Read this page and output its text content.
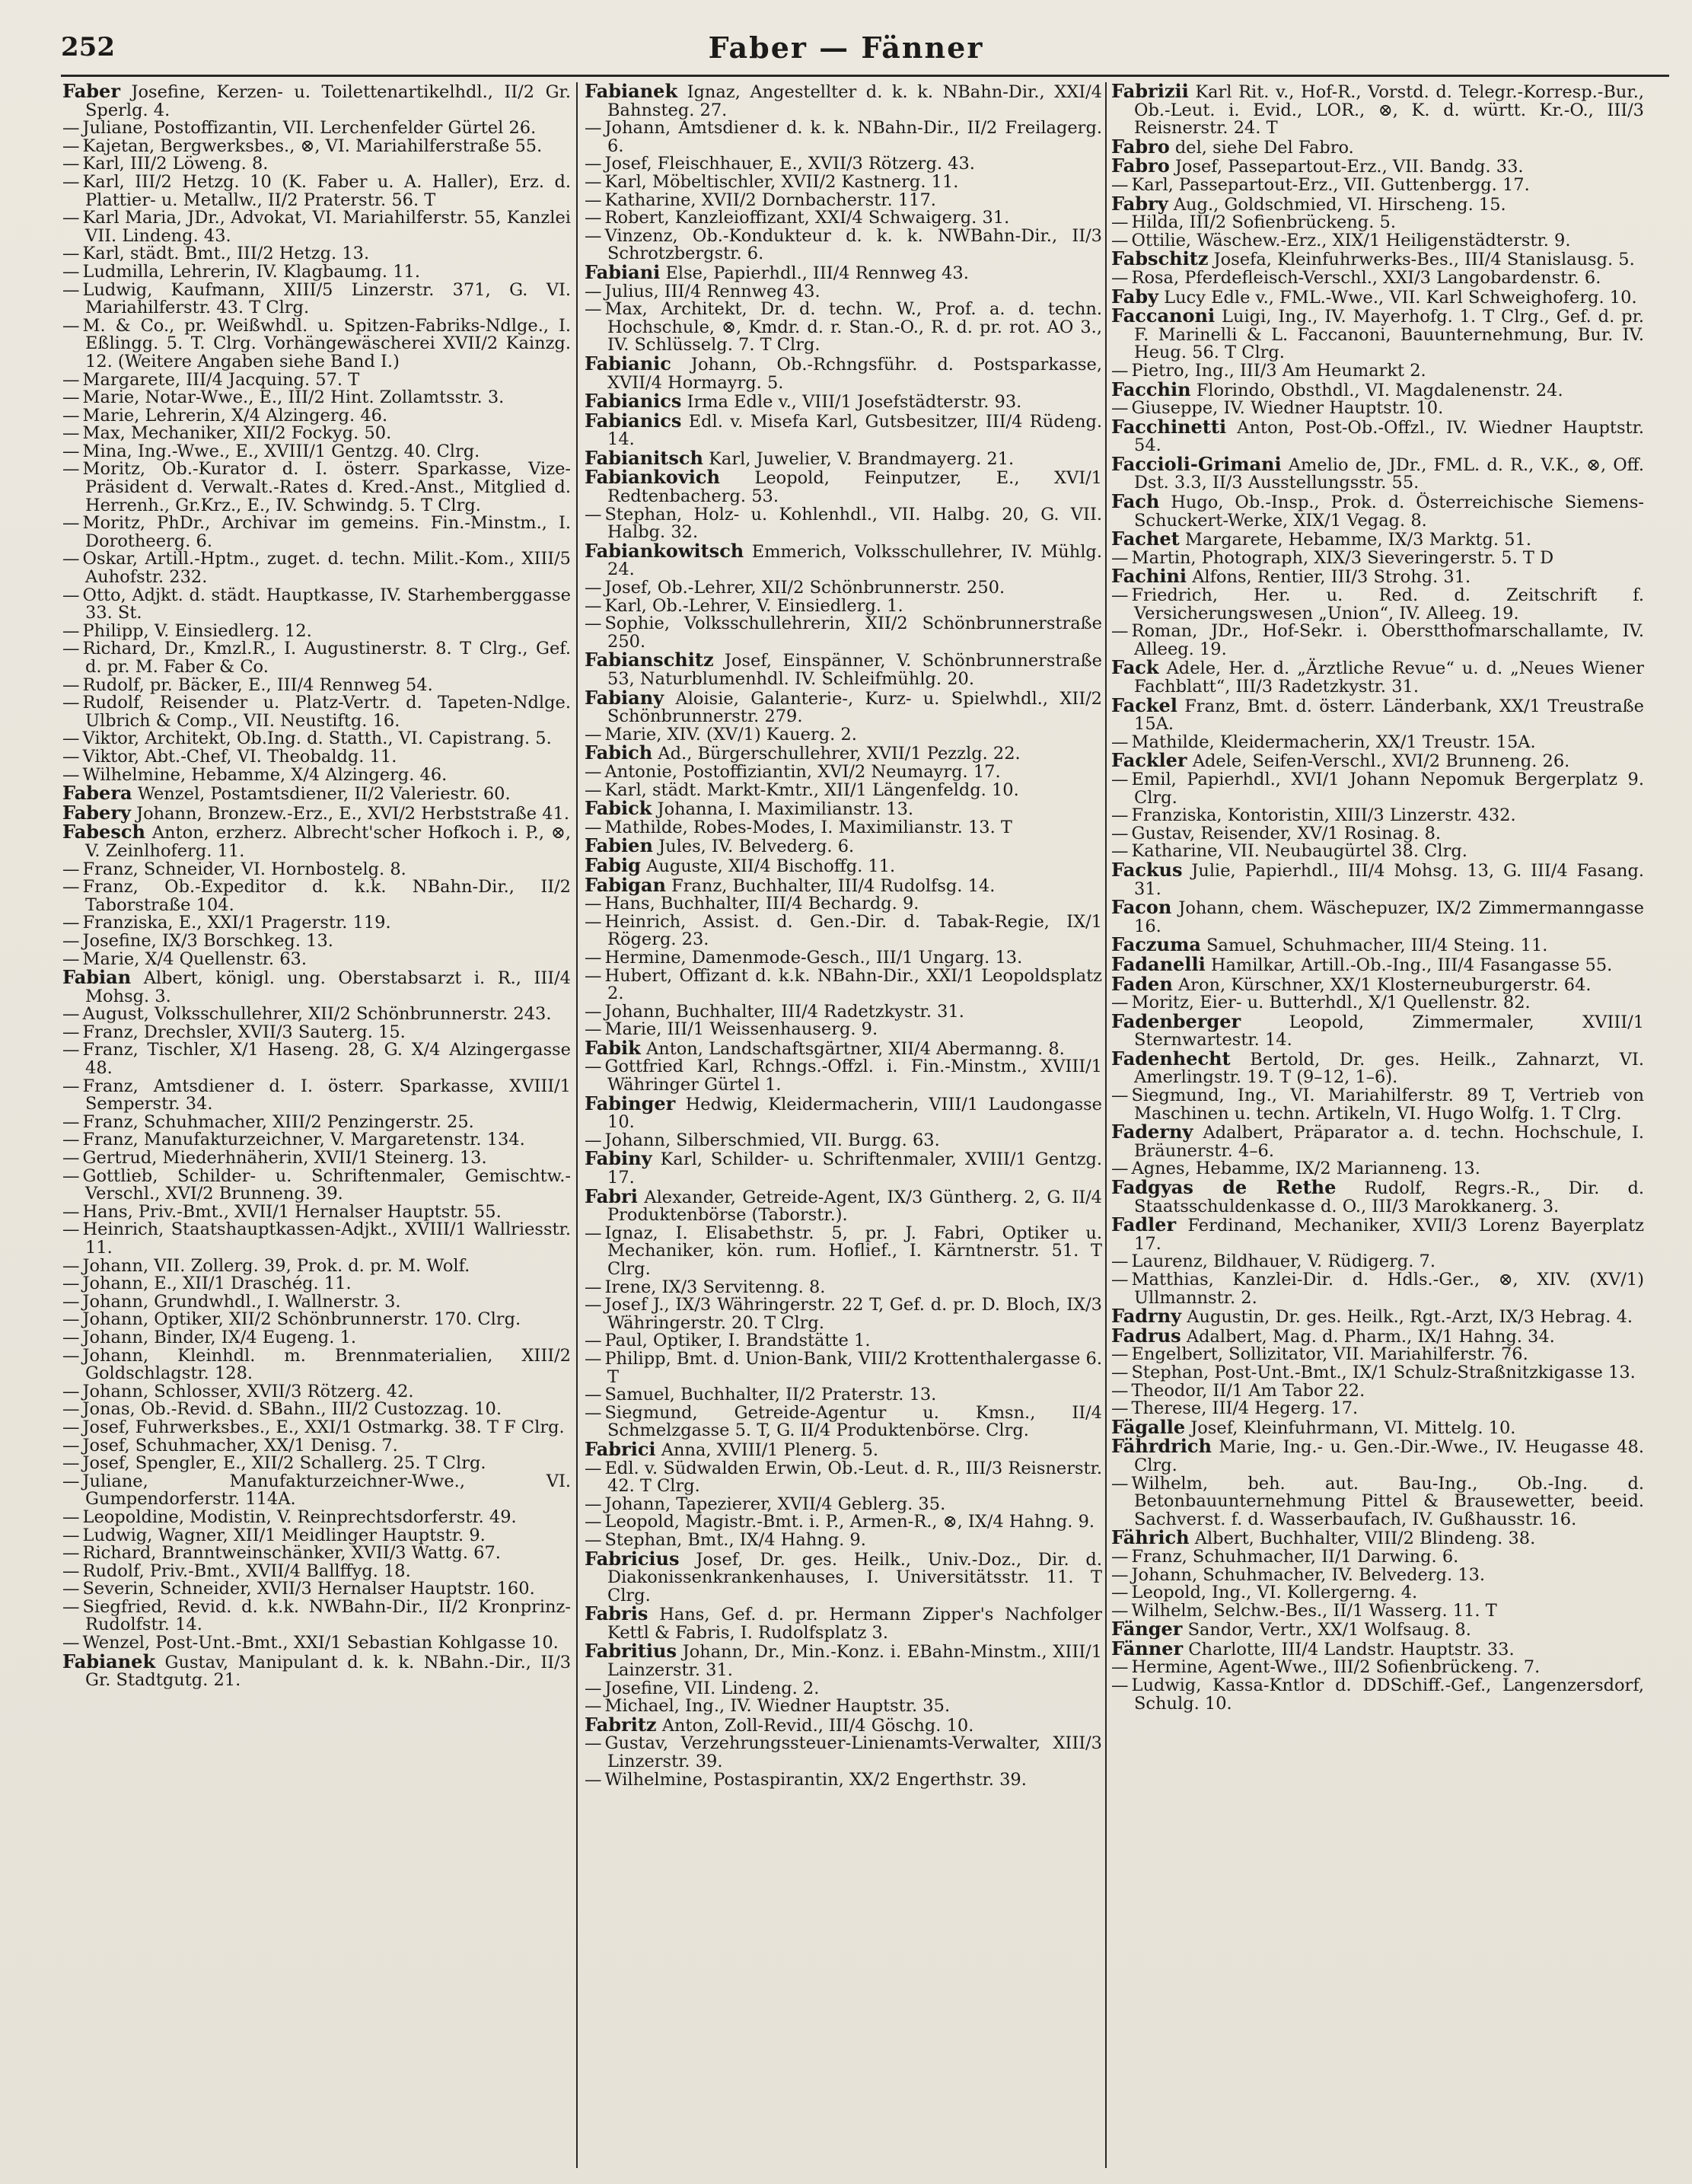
252	Faber — Fänner

Faber Josefine, Kerzen- u. Toilettenartikelhdl., II/2 Gr. Sperlg. 4.

— Juliane, Postoffizantin, VII. Lerchenfelder Gürtel 26.

— Kajetan, Bergwerksbes., ⊗, VI. Mariahilferstraße 55.

— Karl, III/2 Löweng. 8.

— Karl, III/2 Hetzg. 10 (K. Faber u. A. Haller), Erz. d. Plattier- u. Metallw., II/2 Praterstr. 56. T

— Karl Maria, JDr., Advokat, VI. Mariahilferstr. 55, Kanzlei VII. Lindeng. 43.

— Karl, städt. Bmt., III/2 Hetzg. 13.

— Ludmilla, Lehrerin, IV. Klagbaumg. 11.

— Ludwig, Kaufmann, XIII/5 Linzerstr. 371, G. VI. Mariahilferstr. 43. T Clrg.

— M. & Co., pr. Weißwhdl. u. Spitzen-Fabriks-Ndlge., I. Eßlingg. 5. T. Clrg. Vorhängewäscherei XVII/2 Kainzg. 12. (Weitere Angaben siehe Band I.)

— Margarete, III/4 Jacquing. 57. T

— Marie, Notar-Wwe., E., III/2 Hint. Zollamtsstr. 3.

— Marie, Lehrerin, X/4 Alzingerg. 46.

— Max, Mechaniker, XII/2 Fockyg. 50.

— Mina, Ing.-Wwe., E., XVIII/1 Gentzg. 40. Clrg.

— Moritz, Ob.-Kurator d. I. österr. Sparkasse, Vize-Präsident d. Verwalt.-Rates d. Kred.-Anst., Mitglied d. Herrenh., Gr.Krz., E., IV. Schwindg. 5. T Clrg.

— Moritz, PhDr., Archivar im gemeins. Fin.-Minstm., I. Dorotheerg. 6.

— Oskar, Artill.-Hptm., zuget. d. techn. Milit.-Kom., XIII/5 Auhofstr. 232.

— Otto, Adjkt. d. städt. Hauptkasse, IV. Starhemberggasse 33. St.

— Philipp, V. Einsiedlerg. 12.

— Richard, Dr., Kmzl.R., I. Augustinerstr. 8. T Clrg., Gef. d. pr. M. Faber & Co.

— Rudolf, pr. Bäcker, E., III/4 Rennweg 54.

— Rudolf, Reisender u. Platz-Vertr. d. Tapeten-Ndlge. Ulbrich & Comp., VII. Neustiftg. 16.

— Viktor, Architekt, Ob.Ing. d. Statth., VI. Capistrang. 5.

— Viktor, Abt.-Chef, VI. Theobaldg. 11.

— Wilhelmine, Hebamme, X/4 Alzingerg. 46.

Fabera Wenzel, Postamtsdiener, II/2 Valeriestr. 60.

Fabery Johann, Bronzew.-Erz., E., XVI/2 Herbststraße 41.

Fabesch Anton, erzherz. Albrecht'scher Hofkoch i. P., ⊗, V. Zeinlhoferg. 11.

— Franz, Schneider, VI. Hornbostelg. 8.

— Franz, Ob.-Expeditor d. k.k. NBahn-Dir., II/2 Taborstraße 104.

— Franziska, E., XXI/1 Pragerstr. 119.

— Josefine, IX/3 Borschkeg. 13.

— Marie, X/4 Quellenstr. 63.

Fabian Albert, königl. ung. Oberstabsarzt i. R., III/4 Mohsg. 3.

— August, Volksschullehrer, XII/2 Schönbrunnerstr. 243.

— Franz, Drechsler, XVII/3 Sauterg. 15.

— Franz, Tischler, X/1 Haseng. 28, G. X/4 Alzingergasse 48.

— Franz, Amtsdiener d. I. österr. Sparkasse, XVIII/1 Semperstr. 34.

— Franz, Schuhmacher, XIII/2 Penzingerstr. 25.

— Franz, Manufakturzeichner, V. Margaretenstr. 134.

— Gertrud, Miederhnäherin, XVII/1 Steinerg. 13.

— Gottlieb, Schilder- u. Schriftenmaler, Gemischtw.-Verschl., XVI/2 Brunneng. 39.

— Hans, Priv.-Bmt., XVII/1 Hernalser Hauptstr. 55.

— Heinrich, Staatshauptkassen-Adjkt., XVIII/1 Wallriesstr. 11.

— Johann, VII. Zollerg. 39, Prok. d. pr. M. Wolf.

— Johann, E., XII/1 Draschég. 11.

— Johann, Grundwhdl., I. Wallnerstr. 3.

— Johann, Optiker, XII/2 Schönbrunnerstr. 170. Clrg.

— Johann, Binder, IX/4 Eugeng. 1.

— Johann, Kleinhdl. m. Brennmaterialien, XIII/2 Goldschlagstr. 128.

— Johann, Schlosser, XVII/3 Rötzerg. 42.

— Jonas, Ob.-Revid. d. SBahn., III/2 Custozzag. 10.

— Josef, Fuhrwerksbes., E., XXI/1 Ostmarkg. 38. T F Clrg.

— Josef, Schuhmacher, XX/1 Denisg. 7.

— Josef, Spengler, E., XII/2 Schallerg. 25. T Clrg.

— Juliane, Manufakturzeichner-Wwe., VI. Gumpendorferstr. 114A.

— Leopoldine, Modistin, V. Reinprechtsdorferstr. 49.

— Ludwig, Wagner, XII/1 Meidlinger Hauptstr. 9.

— Richard, Branntweinschänker, XVII/3 Wattg. 67.

— Rudolf, Priv.-Bmt., XVII/4 Ballffyg. 18.

— Severin, Schneider, XVII/3 Hernalser Hauptstr. 160.

— Siegfried, Revid. d. k.k. NWBahn-Dir., II/2 Kronprinz-Rudolfstr. 14.

— Wenzel, Post-Unt.-Bmt., XXI/1 Sebastian Kohlgasse 10.

Fabianek Gustav, Manipulant d. k. k. NBahn.-Dir., II/3 Gr. Stadtgutg. 21.

Fabianek Ignaz, Angestellter d. k. k. NBahn-Dir., XXI/4 Bahnsteg. 27.

— Johann, Amtsdiener d. k. k. NBahn-Dir., II/2 Freilagerg. 6.

— Josef, Fleischhauer, E., XVII/3 Rötzerg. 43.

— Karl, Möbeltischler, XVII/2 Kastnerg. 11.

— Katharine, XVII/2 Dornbacherstr. 117.

— Robert, Kanzleioffizant, XXI/4 Schwaigerg. 31.

— Vinzenz, Ob.-Kondukteur d. k. k. NWBahn-Dir., II/3 Schrotzbergstr. 6.

Fabiani Else, Papierhdl., III/4 Rennweg 43.

— Julius, III/4 Rennweg 43.

— Max, Architekt, Dr. d. techn. W., Prof. a. d. techn. Hochschule, ⊗, Kmdr. d. r. Stan.-O., R. d. pr. rot. AO 3., IV. Schlüsselg. 7. T Clrg.

Fabianic Johann, Ob.-Rchngsführ. d. Postsparkasse, XVII/4 Hormayrg. 5.

Fabianics Irma Edle v., VIII/1 Josefstädterstr. 93.

Fabianics Edl. v. Misefa Karl, Gutsbesitzer, III/4 Rüdeng. 14.

Fabianitsch Karl, Juwelier, V. Brandmayerg. 21.

Fabiankovich Leopold, Feinputzer, E., XVI/1 Redtenbacherg. 53.

— Stephan, Holz- u. Kohlenhdl., VII. Halbg. 20, G. VII. Halbg. 32.

Fabiankowitsch Emmerich, Volksschullehrer, IV. Mühlg. 24.

— Josef, Ob.-Lehrer, XII/2 Schönbrunnerstr. 250.

— Karl, Ob.-Lehrer, V. Einsiedlerg. 1.

— Sophie, Volksschullehrerin, XII/2 Schönbrunnerstraße 250.

Fabianschitz Josef, Einspänner, V. Schönbrunnerstraße 53, Naturblumenhdl. IV. Schleifmühlg. 20.

Fabiany Aloisie, Galanterie-, Kurz- u. Spielwhdl., XII/2 Schönbrunnerstr. 279.

— Marie, XIV. (XV/1) Kauerg. 2.

Fabich Ad., Bürgerschullehrer, XVII/1 Pezzlg. 22.

— Antonie, Postoffiziantin, XVI/2 Neumayrg. 17.

— Karl, städt. Markt-Kmtr., XII/1 Längenfeldg. 10.

Fabick Johanna, I. Maximilianstr. 13.

— Mathilde, Robes-Modes, I. Maximilianstr. 13. T

Fabien Jules, IV. Belvederg. 6.

Fabig Auguste, XII/4 Bischoffg. 11.

Fabigan Franz, Buchhalter, III/4 Rudolfsg. 14.

— Hans, Buchhalter, III/4 Bechardg. 9.

— Heinrich, Assist. d. Gen.-Dir. d. Tabak-Regie, IX/1 Rögerg. 23.

— Hermine, Damenmode-Gesch., III/1 Ungarg. 13.

— Hubert, Offizant d. k.k. NBahn-Dir., XXI/1 Leopoldsplatz 2.

— Johann, Buchhalter, III/4 Radetzkystr. 31.

— Marie, III/1 Weissenhauserg. 9.

Fabik Anton, Landschaftsgärtner, XII/4 Abermanng. 8.

— Gottfried Karl, Rchngs.-Offzl. i. Fin.-Minstm., XVIII/1 Währinger Gürtel 1.

Fabinger Hedwig, Kleidermacherin, VIII/1 Laudongasse 10.

— Johann, Silberschmied, VII. Burgg. 63.

Fabiny Karl, Schilder- u. Schriftenmaler, XVIII/1 Gentzg. 17.

Fabri Alexander, Getreide-Agent, IX/3 Güntherg. 2, G. II/4 Produktenbörse (Taborstr.).

— Ignaz, I. Elisabethstr. 5, pr. J. Fabri, Optiker u. Mechaniker, kön. rum. Hoflief., I. Kärntnerstr. 51. T Clrg.

— Irene, IX/3 Servitenng. 8.

— Josef J., IX/3 Währingerstr. 22 T, Gef. d. pr. D. Bloch, IX/3 Währingerstr. 20. T Clrg.

— Paul, Optiker, I. Brandstätte 1.

— Philipp, Bmt. d. Union-Bank, VIII/2 Krottenthalergasse 6. T

— Samuel, Buchhalter, II/2 Praterstr. 13.

— Siegmund, Getreide-Agentur u. Kmsn., II/4 Schmelzgasse 5. T, G. II/4 Produktenbörse. Clrg.

Fabrici Anna, XVIII/1 Plenerg. 5.

— Edl. v. Südwalden Erwin, Ob.-Leut. d. R., III/3 Reisnerstr. 42. T Clrg.

— Johann, Tapezierer, XVII/4 Geblerg. 35.

— Leopold, Magistr.-Bmt. i. P., Armen-R., ⊗, IX/4 Hahng. 9.

— Stephan, Bmt., IX/4 Hahng. 9.

Fabricius Josef, Dr. ges. Heilk., Univ.-Doz., Dir. d. Diakonissenkrankenhauses, I. Universitätsstr. 11. T Clrg.

Fabris Hans, Gef. d. pr. Hermann Zipper's Nachfolger Kettl & Fabris, I. Rudolfsplatz 3.

Fabritius Johann, Dr., Min.-Konz. i. EBahn-Minstm., XIII/1 Lainzerstr. 31.

— Josefine, VII. Lindeng. 2.

— Michael, Ing., IV. Wiedner Hauptstr. 35.

Fabritz Anton, Zoll-Revid., III/4 Göschg. 10.

— Gustav, Verzehrungssteuer-Linienamts-Verwalter, XIII/3 Linzerstr. 39.

— Wilhelmine, Postaspirantin, XX/2 Engerthstr. 39.

Fabrizii Karl Rit. v., Hof-R., Vorstd. d. Telegr.-Korresp.-Bur., Ob.-Leut. i. Evid., LOR., ⊗, K. d. württ. Kr.-O., III/3 Reisnerstr. 24. T

Fabro del, siehe Del Fabro.

Fabro Josef, Passepartout-Erz., VII. Bandg. 33.

— Karl, Passepartout-Erz., VII. Guttenbergg. 17.

Fabry Aug., Goldschmied, VI. Hirscheng. 15.

— Hilda, III/2 Sofienbrückeng. 5.

— Ottilie, Wäschew.-Erz., XIX/1 Heiligenstädterstr. 9.

Fabschitz Josefa, Kleinfuhrwerks-Bes., III/4 Stanislausg. 5.

— Rosa, Pferdefleisch-Verschl., XXI/3 Langobardenstr. 6.

Faby Lucy Edle v., FML.-Wwe., VII. Karl Schweighoferg. 10.

Faccanoni Luigi, Ing., IV. Mayerhofg. 1. T Clrg., Gef. d. pr. F. Marinelli & L. Faccanoni, Bauunternehmung, Bur. IV. Heug. 56. T Clrg.

— Pietro, Ing., III/3 Am Heumarkt 2.

Facchin Florindo, Obsthdl., VI. Magdalenenstr. 24.

— Giuseppe, IV. Wiedner Hauptstr. 10.

Facchinetti Anton, Post-Ob.-Offzl., IV. Wiedner Hauptstr. 54.

Faccioli-Grimani Amelio de, JDr., FML. d. R., V.K., ⊗, Off. Dst. 3.3, II/3 Ausstellungsstr. 55.

Fach Hugo, Ob.-Insp., Prok. d. Österreichische Siemens-Schuckert-Werke, XIX/1 Vegag. 8.

Fachet Margarete, Hebamme, IX/3 Marktg. 51.

— Martin, Photograph, XIX/3 Sieveringerstr. 5. T D

Fachini Alfons, Rentier, III/3 Strohg. 31.

— Friedrich, Her. u. Red. d. Zeitschrift f. Versicherungswesen „Union“, IV. Alleeg. 19.

— Roman, JDr., Hof-Sekr. i. Oberstthofmarschallamte, IV. Alleeg. 19.

Fack Adele, Her. d. „Ärztliche Revue“ u. d. „Neues Wiener Fachblatt“, III/3 Radetzkystr. 31.

Fackel Franz, Bmt. d. österr. Länderbank, XX/1 Treustraße 15A.

— Mathilde, Kleidermacherin, XX/1 Treustr. 15A.

Fackler Adele, Seifen-Verschl., XVI/2 Brunneng. 26.

— Emil, Papierhdl., XVI/1 Johann Nepomuk Bergerplatz 9. Clrg.

— Franziska, Kontoristin, XIII/3 Linzerstr. 432.

— Gustav, Reisender, XV/1 Rosinag. 8.

— Katharine, VII. Neubaugürtel 38. Clrg.

Fackus Julie, Papierhdl., III/4 Mohsg. 13, G. III/4 Fasang. 31.

Facon Johann, chem. Wäschepuzer, IX/2 Zimmermanngasse 16.

Faczuma Samuel, Schuhmacher, III/4 Steing. 11.

Fadanelli Hamilkar, Artill.-Ob.-Ing., III/4 Fasangasse 55.

Faden Aron, Kürschner, XX/1 Klosterneuburgerstr. 64.

— Moritz, Eier- u. Butterhdl., X/1 Quellenstr. 82.

Fadenberger	Leopold, Zimmermaler, XVIII/1 Sternwartestr. 14.

Fadenhecht Bertold, Dr. ges. Heilk., Zahnarzt, VI. Amerlingstr. 19. T (9–12, 1–6).

— Siegmund, Ing., VI. Mariahilferstr. 89 T, Vertrieb von Maschinen u. techn. Artikeln, VI. Hugo Wolfg. 1. T Clrg.

Faderny Adalbert, Präparator a. d. techn. Hochschule, I. Bräunerstr. 4–6.

— Agnes, Hebamme, IX/2 Marianneng. 13.

Fadgyas de Rethe Rudolf, Regrs.-R., Dir. d. Staatsschuldenkasse d. O., III/3 Marokkanerg. 3.

Fadler Ferdinand, Mechaniker, XVII/3 Lorenz Bayerplatz 17.

— Laurenz, Bildhauer, V. Rüdigerg. 7.

— Matthias, Kanzlei-Dir. d. Hdls.-Ger., ⊗, XIV. (XV/1) Ullmannstr. 2.

Fadrny Augustin, Dr. ges. Heilk., Rgt.-Arzt, IX/3 Hebrag. 4.

Fadrus Adalbert, Mag. d. Pharm., IX/1 Hahng. 34.

— Engelbert, Sollizitator, VII. Mariahilferstr. 76.

— Stephan, Post-Unt.-Bmt., IX/1 Schulz-Straßnitzkigasse 13.

— Theodor, II/1 Am Tabor 22.

— Therese, III/4 Hegerg. 17.

Fägalle Josef, Kleinfuhrmann, VI. Mittelg. 10.

Fährdrich Marie, Ing.- u. Gen.-Dir.-Wwe., IV. Heugasse 48. Clrg.

— Wilhelm, beh. aut. Bau-Ing., Ob.-Ing. d. Betonbauunternehmung Pittel & Brausewetter, beeid. Sachverst. f. d. Wasserbaufach, IV. Gußhausstr. 16.

Fährich Albert, Buchhalter, VIII/2 Blindeng. 38.

— Franz, Schuhmacher, II/1 Darwing. 6.

— Johann, Schuhmacher, IV. Belvederg. 13.

— Leopold, Ing., VI. Kollergerng. 4.

— Wilhelm, Selchw.-Bes., II/1 Wasserg. 11. T

Fänger Sandor, Vertr., XX/1 Wolfsaug. 8.

Fänner Charlotte, III/4 Landstr. Hauptstr. 33.

— Hermine, Agent-Wwe., III/2 Sofienbrückeng. 7.

— Ludwig, Kassa-Kntlor d. DDSchiff.-Gef., Langenzersdorf, Schulg. 10.
